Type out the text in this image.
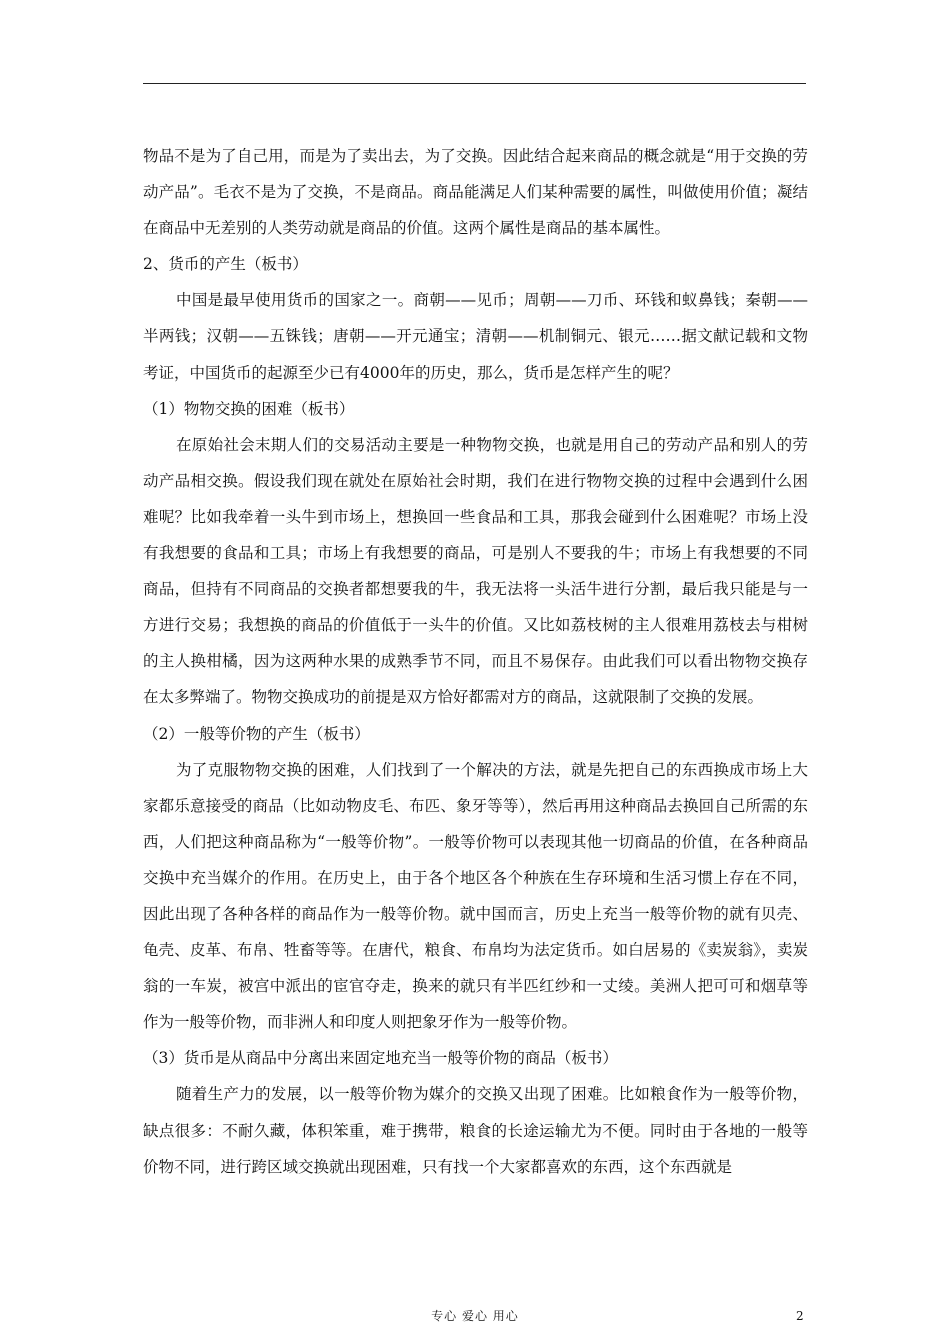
物品不是为了自己用，而是为了卖出去，为了交换。因此结合起来商品的概念就是“用于交换的劳动产品”。毛衣不是为了交换，不是商品。商品能满足人们某种需要的属性，叫做使用价值；凝结在商品中无差别的人类劳动就是商品的价值。这两个属性是商品的基本属性。

2、货币的产生（板书）

中国是最早使用货币的国家之一。商朝——见币；周朝——刀币、环钱和蚁鼻钱；秦朝——半两钱；汉朝——五铢钱；唐朝——开元通宝；清朝——机制铜元、银元……据文献记载和文物考证，中国货币的起源至少已有4000年的历史，那么，货币是怎样产生的呢？

（1）物物交换的困难（板书）

在原始社会末期人们的交易活动主要是一种物物交换，也就是用自己的劳动产品和别人的劳动产品相交换。假设我们现在就处在原始社会时期，我们在进行物物交换的过程中会遇到什么困难呢？比如我牵着一头牛到市场上，想换回一些食品和工具，那我会碰到什么困难呢？市场上没有我想要的食品和工具；市场上有我想要的商品，可是别人不要我的牛；市场上有我想要的不同商品，但持有不同商品的交换者都想要我的牛，我无法将一头活牛进行分割，最后我只能是与一方进行交易；我想换的商品的价值低于一头牛的价值。又比如荔枝树的主人很难用荔枝去与柑树的主人换柑橘，因为这两种水果的成熟季节不同，而且不易保存。由此我们可以看出物物交换存在太多弊端了。物物交换成功的前提是双方恰好都需对方的商品，这就限制了交换的发展。

（2）一般等价物的产生（板书）

为了克服物物交换的困难，人们找到了一个解决的方法，就是先把自己的东西换成市场上大家都乐意接受的商品（比如动物皮毛、布匹、象牙等等），然后再用这种商品去换回自己所需的东西，人们把这种商品称为“一般等价物”。一般等价物可以表现其他一切商品的价值，在各种商品交换中充当媒介的作用。在历史上，由于各个地区各个种族在生存环境和生活习惯上存在不同，因此出现了各种各样的商品作为一般等价物。就中国而言，历史上充当一般等价物的就有贝壳、龟壳、皮革、布帛、牲畜等等。在唐代，粮食、布帛均为法定货币。如白居易的《卖炭翁》，卖炭翁的一车炭，被宫中派出的宦官夺走，换来的就只有半匹红纱和一丈绫。美洲人把可可和烟草等作为一般等价物，而非洲人和印度人则把象牙作为一般等价物。

（3）货币是从商品中分离出来固定地充当一般等价物的商品（板书）

随着生产力的发展，以一般等价物为媒介的交换又出现了困难。比如粮食作为一般等价物，缺点很多：不耐久藏，体积笨重，难于携带，粮食的长途运输尤为不便。同时由于各地的一般等价物不同，进行跨区域交换就出现困难，只有找一个大家都喜欢的东西，这个东西就是

专心 爱心 用心	2
